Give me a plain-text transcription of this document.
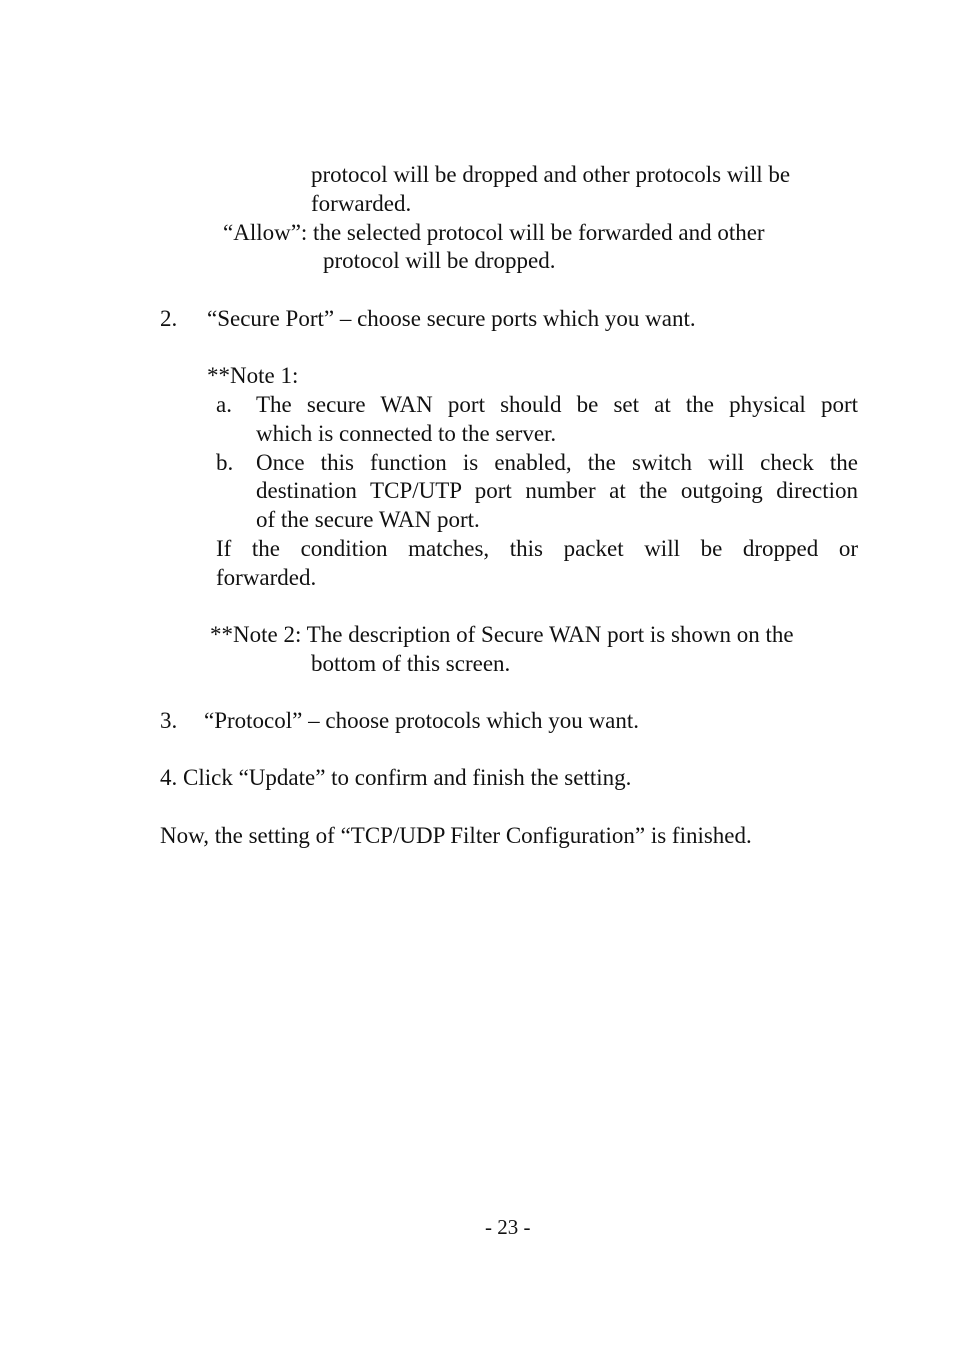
protocol will be dropped and other protocols will be
forwarded.
“Allow”: the selected protocol will be forwarded and other
protocol will be dropped.
2. “Secure Port” – choose secure ports which you want.
**Note 1:
a. The secure WAN port should be set at the physical port
which is connected to the server.
b. Once this function is enabled, the switch will check the
destination TCP/UTP port number at the outgoing direction
of the secure WAN port.
If the condition matches, this packet will be dropped or
forwarded.
**Note 2: The description of Secure WAN port is shown on the
bottom of this screen.
3. “Protocol” – choose protocols which you want.
4. Click “Update” to confirm and finish the setting.
Now, the setting of “TCP/UDP Filter Configuration” is finished.
- 23 -
